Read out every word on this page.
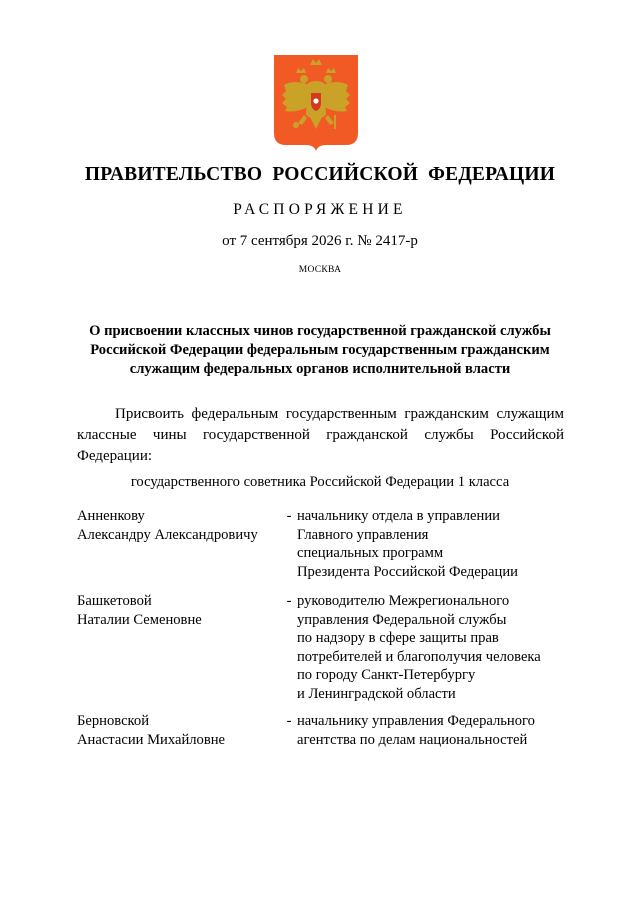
ПРАВИТЕЛЬСТВО РОССИЙСКОЙ ФЕДЕРАЦИИ
РАСПОРЯЖЕНИЕ
от 7 сентября 2026 г. № 2417-р
МОСКВА
О присвоении классных чинов государственной гражданской службы
Российской Федерации федеральным государственным гражданским
служащим федеральных органов исполнительной власти
Присвоить федеральным государственным гражданским служащим классные чины государственной гражданской службы Российской Федерации:
государственного советника Российской Федерации 1 класса
Анненкову
Александру Александровичу
- начальнику отдела в управлении
Главного управления
специальных программ
Президента Российской Федерации
Башкетовой
Наталии Семеновне
- руководителю Межрегионального
управления Федеральной службы
по надзору в сфере защиты прав
потребителей и благополучия человека
по городу Санкт-Петербургу
и Ленинградской области
Берновской
Анастасии Михайловне
- начальнику управления Федерального
агентства по делам национальностей
